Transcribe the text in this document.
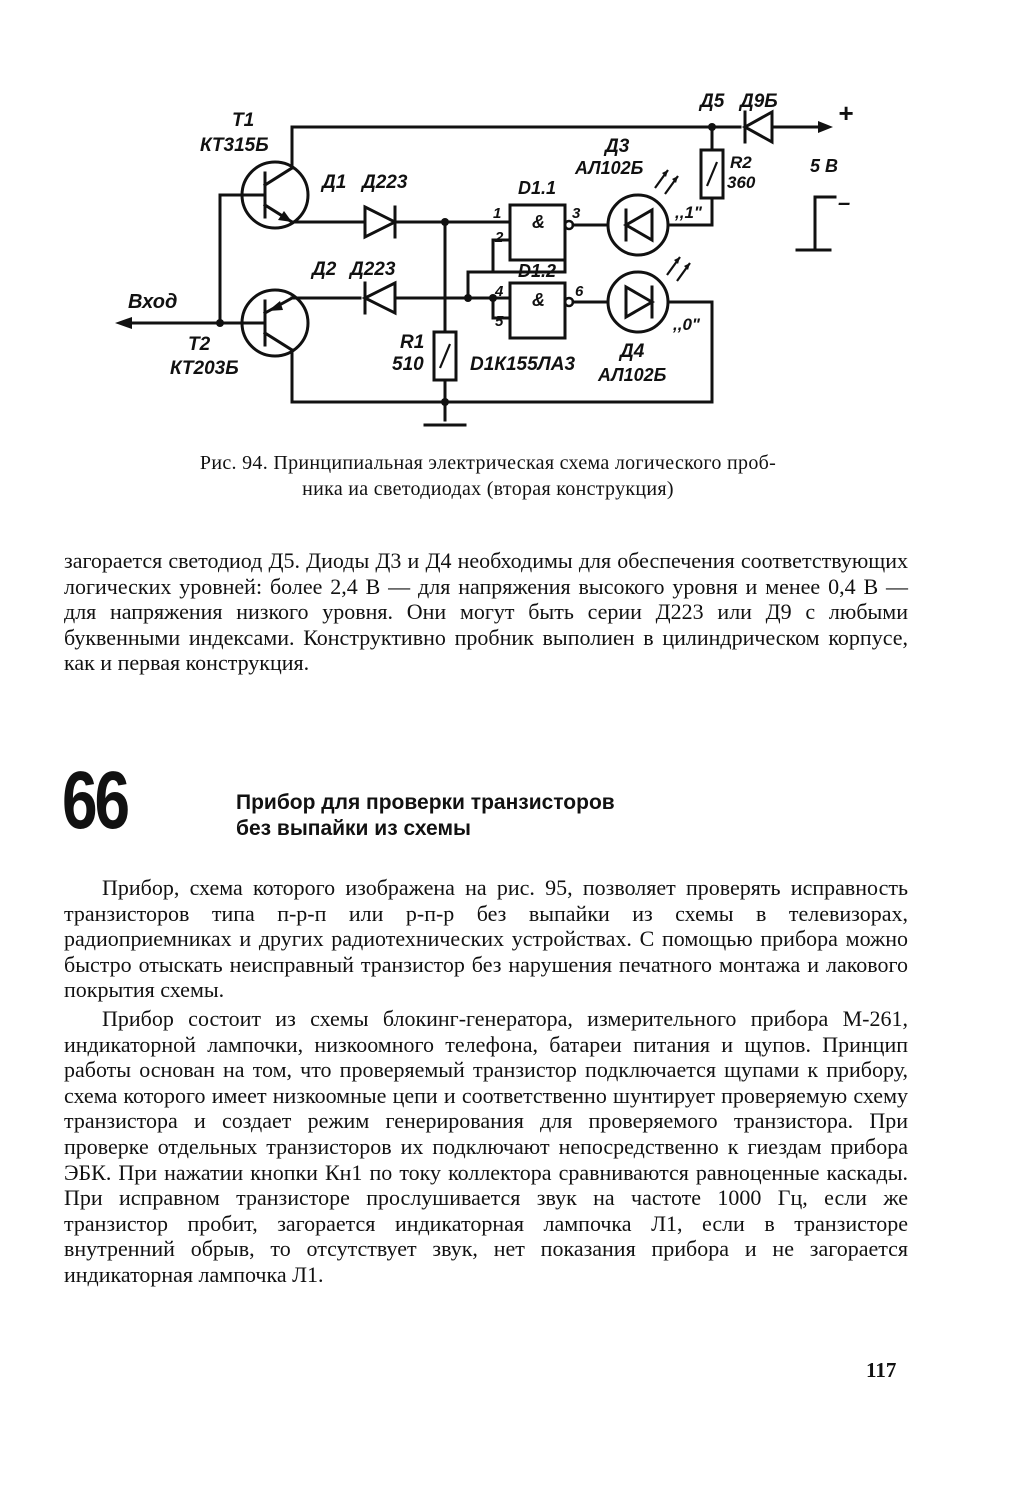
T1
КТ315Б
Д1 Д223
Д2 Д223
Вход
T2
КТ203Б
R1
510 D1К155ЛА3
D1.1
D1.2
&
&
1
2
3
4
5
6
Д3
АЛ102Б
,,1"
,,0"
Д4
АЛ102Б
Д5 Д9Б
R2
360
+
5 В
–
Рис. 94. Принципиальная электрическая схема логического проб-
ника иа светодиодах (вторая конструкция)

загорается светодиод Д5. Диоды Д3 и Д4 необходимы для обеспечения соответствующих логических уровней: более 2,4 В — для напряжения высокого уровня и менее 0,4 В — для напряжения низкого уровня. Они могут быть серии Д223 или Д9 с любыми буквенными индексами. Конструктивно пробник выполиен в цилиндрическом корпусе, как и первая конструкция.

66	Прибор для проверки транзисторов
без выпайки из схемы

Прибор, схема которого изображена на рис. 95, позволяет проверять исправность транзисторов типа п-р-п или р-п-р без выпайки из схемы в телевизорах, радиоприемниках и других радиотехнических устройствах. С помощью прибора можно быстро отыскать неисправный транзистор без нарушения печатного монтажа и лакового покрытия схемы.

Прибор состоит из схемы блокинг-генератора, измерительного прибора М-261, индикаторной лампочки, низкоомного телефона, батареи питания и щупов. Принцип работы основан на том, что проверяемый транзистор подключается щупами к прибору, схема которого имеет низкоомные цепи и соответственно шунтирует проверяемую схему транзистора и создает режим генерирования для проверяемого транзистора. При проверке отдельных транзисторов их подключают непосредственно к гиездам прибора ЭБК. При нажатии кнопки Кн1 по току коллектора сравниваются равноценные каскады. При исправном транзисторе прослушивается звук на частоте 1000 Гц, если же транзистор пробит, загорается индикаторная лампочка Л1, если в транзисторе внутренний обрыв, то отсутствует звук, нет показания прибора и не загорается индикаторная лампочка Л1.

117
